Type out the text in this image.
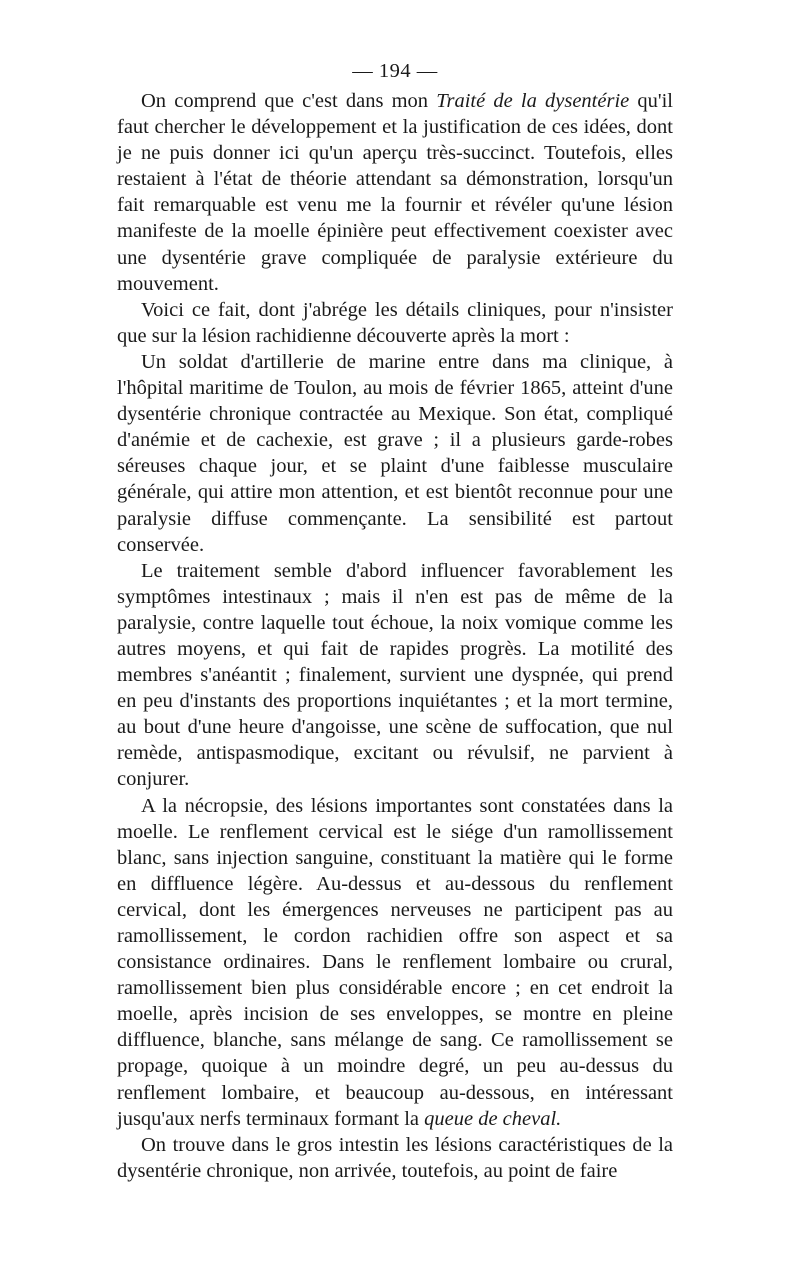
— 194 —

On comprend que c'est dans mon Traité de la dysentérie qu'il faut chercher le développement et la justification de ces idées, dont je ne puis donner ici qu'un aperçu très-succinct. Toutefois, elles restaient à l'état de théorie attendant sa démonstration, lorsqu'un fait remarquable est venu me la fournir et révéler qu'une lésion manifeste de la moelle épinière peut effectivement coexister avec une dysentérie grave compliquée de paralysie extérieure du mouvement.

Voici ce fait, dont j'abrége les détails cliniques, pour n'insister que sur la lésion rachidienne découverte après la mort :

Un soldat d'artillerie de marine entre dans ma clinique, à l'hôpital maritime de Toulon, au mois de février 1865, atteint d'une dysentérie chronique contractée au Mexique. Son état, compliqué d'anémie et de cachexie, est grave ; il a plusieurs garde-robes séreuses chaque jour, et se plaint d'une faiblesse musculaire générale, qui attire mon attention, et est bientôt reconnue pour une paralysie diffuse commençante. La sensibilité est partout conservée.

Le traitement semble d'abord influencer favorablement les symptômes intestinaux ; mais il n'en est pas de même de la paralysie, contre laquelle tout échoue, la noix vomique comme les autres moyens, et qui fait de rapides progrès. La motilité des membres s'anéantit ; finalement, survient une dyspnée, qui prend en peu d'instants des proportions inquiétantes ; et la mort termine, au bout d'une heure d'angoisse, une scène de suffocation, que nul remède, antispasmodique, excitant ou révulsif, ne parvient à conjurer.

A la nécropsie, des lésions importantes sont constatées dans la moelle. Le renflement cervical est le siége d'un ramollissement blanc, sans injection sanguine, constituant la matière qui le forme en diffluence légère. Au-dessus et au-dessous du renflement cervical, dont les émergences nerveuses ne participent pas au ramollissement, le cordon rachidien offre son aspect et sa consistance ordinaires. Dans le renflement lombaire ou crural, ramollissement bien plus considérable encore ; en cet endroit la moelle, après incision de ses enveloppes, se montre en pleine diffluence, blanche, sans mélange de sang. Ce ramollissement se propage, quoique à un moindre degré, un peu au-dessus du renflement lombaire, et beaucoup au-dessous, en intéressant jusqu'aux nerfs terminaux formant la queue de cheval.

On trouve dans le gros intestin les lésions caractéristiques de la dysentérie chronique, non arrivée, toutefois, au point de faire
